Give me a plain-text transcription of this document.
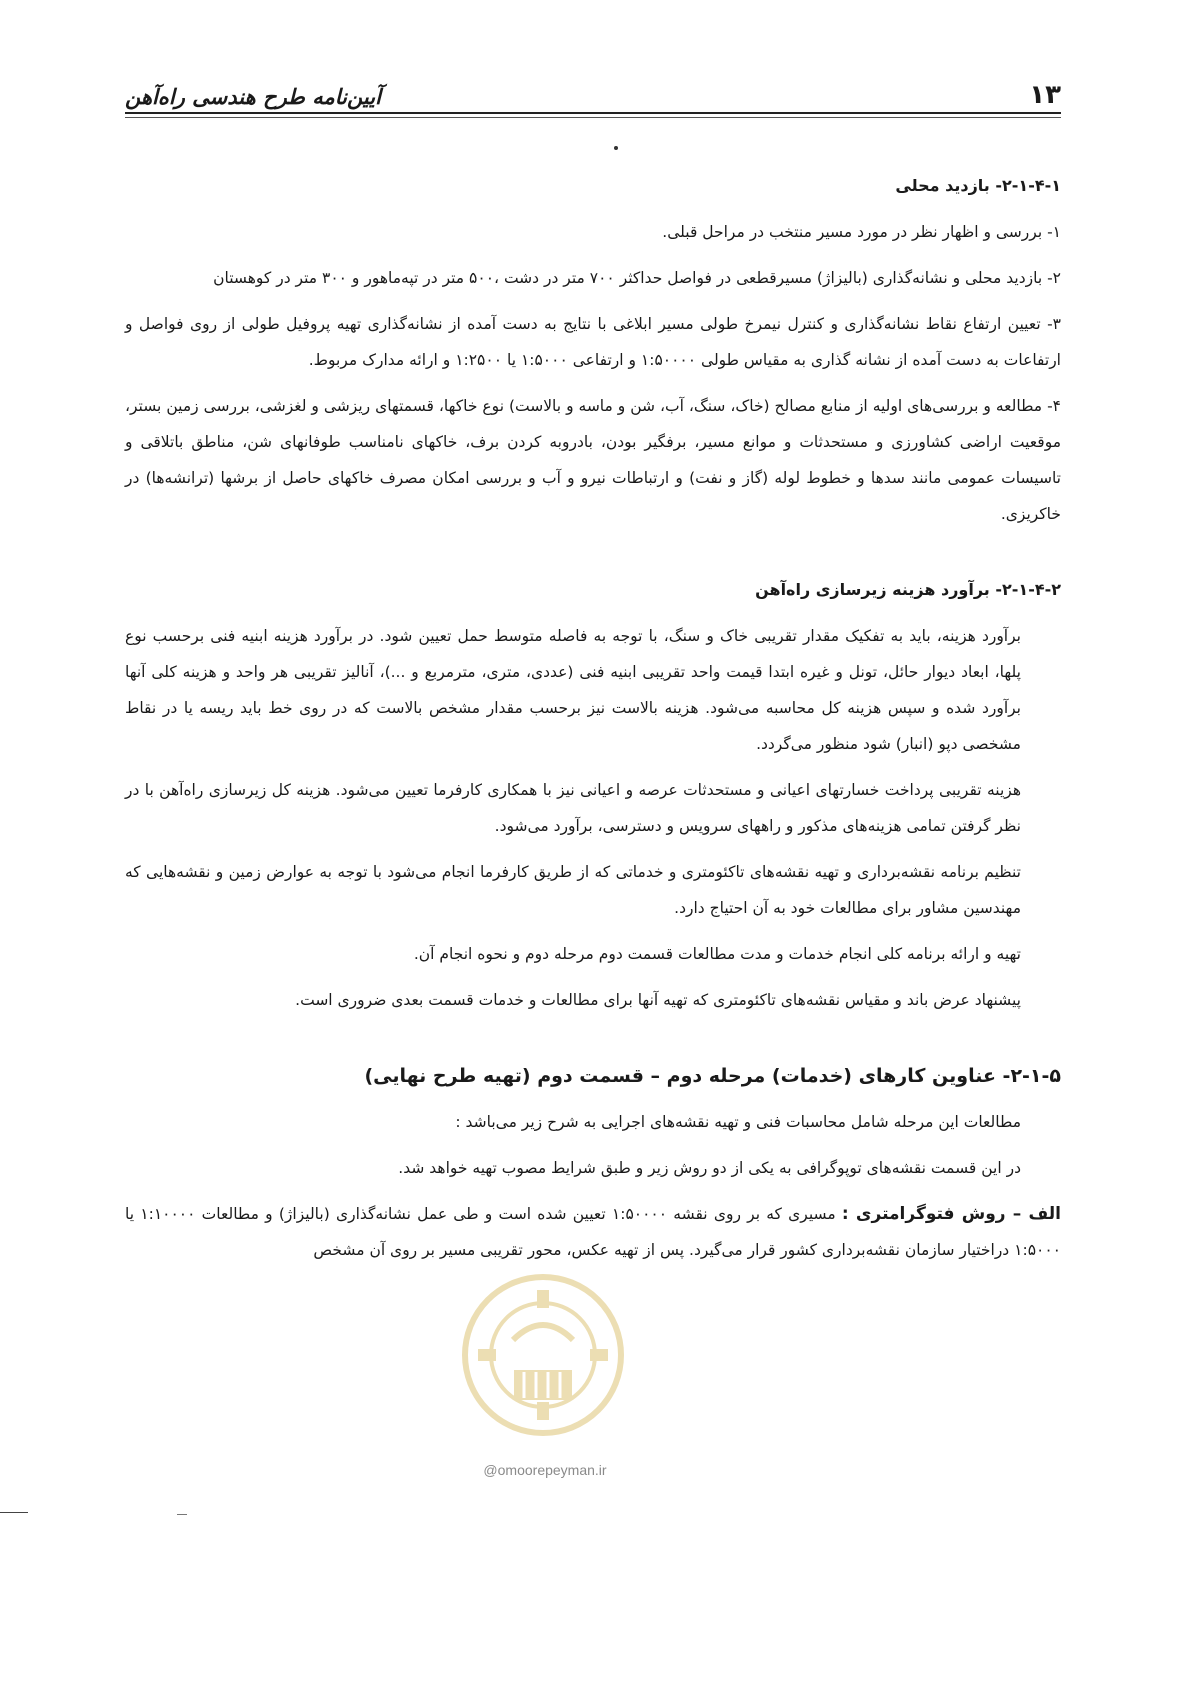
۱۳
آیین‌نامه طرح هندسی راه‌آهن

۲-۱-۴-۱- بازدید محلی

۱- بررسی و اظهار نظر در مورد مسیر منتخب در مراحل قبلی.

۲- بازدید محلی و نشانه‌گذاری (بالیزاژ) مسیرقطعی در فواصل حداکثر ۷۰۰ متر در دشت ،۵۰۰ متر در تپه‌ماهور و ۳۰۰ متر در کوهستان

۳- تعیین ارتفاع نقاط نشانه‌گذاری و کنترل نیمرخ طولی مسیر ابلاغی با نتایج به دست آمده از نشانه‌گذاری تهیه پروفیل طولی از روی فواصل و ارتفاعات به دست آمده از نشانه گذاری به مقیاس طولی ۱:۵۰۰۰۰ و ارتفاعی ۱:۵۰۰۰ یا ۱:۲۵۰۰ و ارائه مدارک مربوط.

۴- مطالعه و بررسی‌های اولیه از منابع مصالح (خاک، سنگ، آب، شن و ماسه و بالاست) نوع خاکها، قسمتهای ریزشی و لغزشی، بررسی زمین بستر، موقعیت اراضی کشاورزی و مستحدثات و موانع مسیر، برفگیر بودن، بادروبه کردن برف، خاکهای نامناسب طوفانهای شن، مناطق باتلاقی و تاسیسات عمومی مانند سدها و خطوط لوله (گاز و نفت) و ارتباطات نیرو و آب و بررسی امکان مصرف خاکهای حاصل از برشها (ترانشه‌ها) در خاکریزی.

۲-۱-۴-۲- برآورد هزینه زیرسازی راه‌آهن

برآورد هزینه، باید به تفکیک مقدار تقریبی خاک و سنگ، با توجه به فاصله متوسط حمل تعیین شود. در برآورد هزینه ابنیه فنی برحسب نوع پلها، ابعاد دیوار حائل، تونل و غیره ابتدا قیمت واحد تقریبی ابنیه فنی (عددی، متری، مترمربع و ...)، آنالیز تقریبی هر واحد و هزینه کلی آنها برآورد شده و سپس هزینه کل محاسبه می‌شود. هزینه بالاست نیز برحسب مقدار مشخص بالاست که در روی خط باید ریسه یا در نقاط مشخصی دپو (انبار) شود منظور می‌گردد.

هزینه تقریبی پرداخت خسارتهای اعیانی و مستحدثات عرصه و اعیانی نیز با همکاری کارفرما تعیین می‌شود. هزینه کل زیرسازی راه‌آهن با در نظر گرفتن تمامی هزینه‌های مذکور و راههای سرویس و دسترسی، برآورد می‌شود.

تنظیم برنامه نقشه‌برداری و تهیه نقشه‌های تاکئومتری و خدماتی که از طریق کارفرما انجام می‌شود با توجه به عوارض زمین و نقشه‌هایی که مهندسین مشاور برای مطالعات خود به آن احتیاج دارد.

تهیه و ارائه برنامه کلی انجام خدمات و مدت مطالعات قسمت دوم مرحله دوم و نحوه انجام آن.

پیشنهاد عرض باند و مقیاس نقشه‌های تاکئومتری که تهیه آنها برای مطالعات و خدمات قسمت بعدی ضروری است.

۲-۱-۵- عناوین کارهای (خدمات) مرحله دوم – قسمت دوم (تهیه طرح نهایی)

مطالعات این مرحله شامل محاسبات فنی و تهیه نقشه‌های اجرایی به شرح زیر می‌باشد :

در این قسمت نقشه‌های توپوگرافی به یکی از دو روش زیر و طبق شرایط مصوب تهیه خواهد شد.

الف – روش فتوگرامتری : مسیری که بر روی نقشه ۱:۵۰۰۰۰ تعیین شده است و طی عمل نشانه‌گذاری (بالیزاژ) و مطالعات ۱:۱۰۰۰۰ یا ۱:۵۰۰۰ دراختیار سازمان نقشه‌برداری کشور قرار می‌گیرد. پس از تهیه عکس، محور تقریبی مسیر بر روی آن مشخص

@omoorepeyman.ir
